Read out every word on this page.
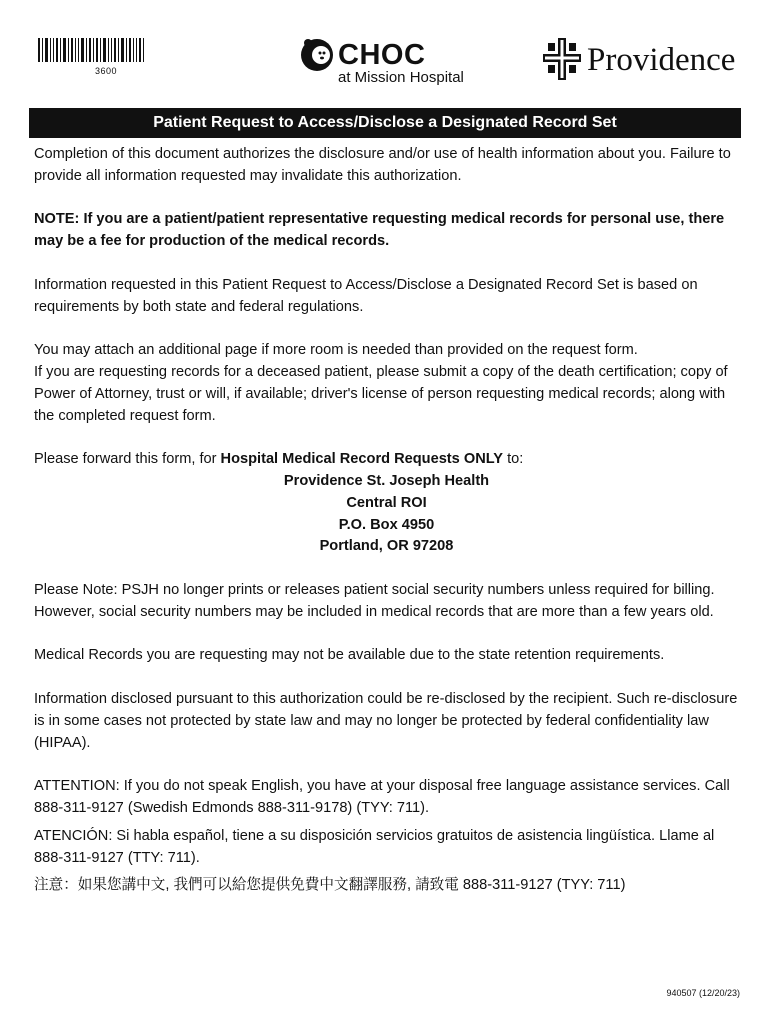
3600	CHOC
at Mission Hospital	Providence
Patient Request to Access/Disclose a Designated Record Set

Completion of this document authorizes the disclosure and/or use of health information about you. Failure to provide all information requested may invalidate this authorization.

NOTE: If you are a patient/patient representative requesting medical records for personal use, there may be a fee for production of the medical records.

Information requested in this Patient Request to Access/Disclose a Designated Record Set is based on requirements by both state and federal regulations.

You may attach an additional page if more room is needed than provided on the request form.

If you are requesting records for a deceased patient, please submit a copy of the death certification; copy of Power of Attorney, trust or will, if available; driver's license of person requesting medical records; along with the completed request form.

Please forward this form, for Hospital Medical Record Requests ONLY to:

Providence St. Joseph Health
Central ROI
P.O. Box 4950
Portland, OR 97208

Please Note: PSJH no longer prints or releases patient social security numbers unless required for billing. However, social security numbers may be included in medical records that are more than a few years old.

Medical Records you are requesting may not be available due to the state retention requirements.

Information disclosed pursuant to this authorization could be re-disclosed by the recipient. Such re-disclosure is in some cases not protected by state law and may no longer be protected by federal confidentiality law (HIPAA).

ATTENTION: If you do not speak English, you have at your disposal free language assistance services. Call 888-311-9127 (Swedish Edmonds 888-311-9178) (TYY: 711).

ATENCIÓN: Si habla español, tiene a su disposición servicios gratuitos de asistencia lingüística. Llame al 888-311-9127 (TTY: 711).

注意：如果您講中文, 我們可以給您提供免費中文翻譯服務, 請致電 888-311-9127 (TYY: 711)

940507 (12/20/23)
